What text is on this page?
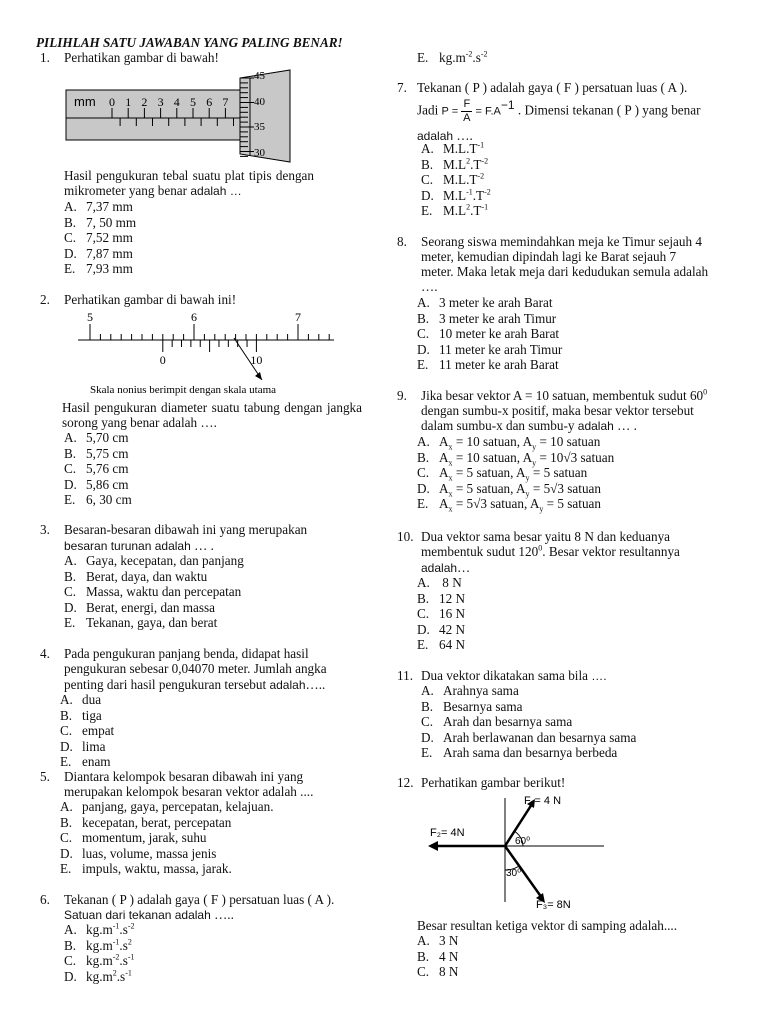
PILIHLAH SATU JAWABAN YANG PALING BENAR!
1. Perhatikan gambar di bawah!
mm 0 1 2 3 4 5 6 7
45
40
35
30
Hasil pengukuran tebal suatu plat tipis dengan mikrometer yang benar adalah …
A. 7,37 mm
B. 7, 50 mm
C. 7,52 mm
D. 7,87 mm
E. 7,93 mm
2. Perhatikan gambar di bawah ini!
5	6	7
0	10
Skala nonius berimpit dengan skala utama
Hasil pengukuran diameter suatu tabung dengan jangka sorong yang benar adalah ….
A. 5,70 cm
B. 5,75 cm
C. 5,76 cm
D. 5,86 cm
E. 6, 30 cm
3. Besaran-besaran dibawah ini yang merupakan
besaran turunan adalah … .
A. Gaya, kecepatan, dan panjang
B. Berat, daya, dan waktu
C. Massa, waktu dan percepatan
D. Berat, energi, dan massa
E. Tekanan, gaya, dan berat
4. Pada pengukuran panjang benda, didapat hasil
pengukuran sebesar 0,04070 meter. Jumlah angka
penting dari hasil pengukuran tersebut adalah…..
A. dua
B. tiga
C. empat
D. lima
E. enam
5. Diantara kelompok besaran dibawah ini yang
merupakan kelompok besaran vektor adalah ....
A. panjang, gaya, percepatan, kelajuan.
B. kecepatan, berat, percepatan
C. momentum, jarak, suhu
D. luas, volume, massa jenis
E. impuls, waktu, massa, jarak.
6. Tekanan ( P ) adalah gaya ( F ) persatuan luas ( A ).
Satuan dari tekanan adalah …..
A. $kg.m^{-1}.s^{-2}$
B. $kg.m^{-1}.s^2$
C. $kg.m^{-2}.s^{-1}$
D. $kg.m^2.s^{-1}$
E. $kg.m^{-2}.s^{-2}$
7. Tekanan ( P ) adalah gaya ( F ) persatuan luas ( A ).
Jadi $P = \frac{F}{A} = F.A^{-1}$ . Dimensi tekanan ( P ) yang benar
adalah ….
A. $M.L.T^{-1}$
B. $M.L^2.T^{-2}$
C. $M.L.T^{-2}$
D. $M.L^{-1}.T^{-2}$
E. $M.L^2.T^{-1}$
8. Seorang siswa memindahkan meja ke Timur sejauh 4
meter, kemudian dipindah lagi ke Barat sejauh 7
meter. Maka letak meja dari kedudukan semula adalah
….
A. 3 meter ke arah Barat
B. 3 meter ke arah Timur
C. 10 meter ke arah Barat
D. 11 meter ke arah Timur
E. 11 meter ke arah Barat
9. Jika besar vektor A = 10 satuan, membentuk sudut $60^0$
dengan sumbu-x positif, maka besar vektor tersebut
dalam sumbu-x dan sumbu-y adalah … .
A. $A_x = 10$ satuan, $A_y = 10$ satuan
B. $A_x = 10$ satuan, $A_y = 10√3$ satuan
C. $A_x = 5$ satuan, $A_y = 5$ satuan
D. $A_x = 5$ satuan, $A_y = 5√3$ satuan
E. $A_x = 5√3$ satuan, $A_y = 5$ satuan
10. Dua vektor sama besar yaitu 8 N dan keduanya
membentuk sudut $120^0$. Besar vektor resultannya
adalah…
A. 8 N
B. 12 N
C. 16 N
D. 42 N
E. 64 N
11. Dua vektor dikatakan sama bila ….
A. Arahnya sama
B. Besarnya sama
C. Arah dan besarnya sama
D. Arah berlawanan dan besarnya sama
E. Arah sama dan besarnya berbeda
12. Perhatikan gambar berikut!
F₁= 4 N
F₂= 4N
F₃= 8N
60⁰
30⁰
Besar resultan ketiga vektor di samping adalah....
A. 3 N
B. 4 N
C. 8 N
